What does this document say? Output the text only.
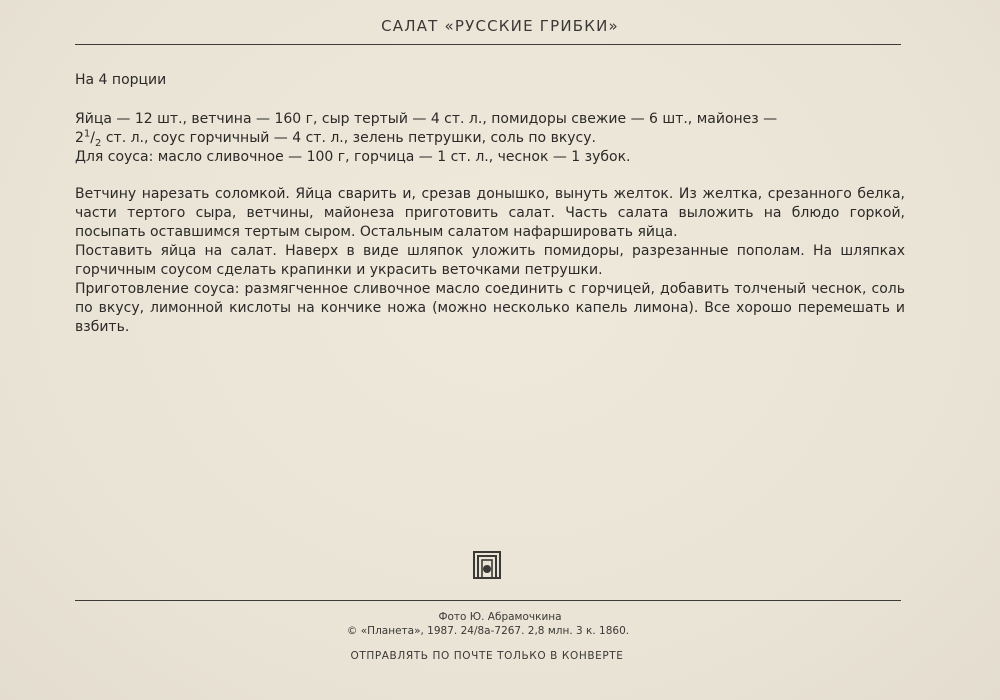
САЛАТ «РУССКИЕ ГРИБКИ»
На 4 порции

Яйца — 12 шт., ветчина — 160 г, сыр тертый — 4 ст. л., помидоры свежие — 6 шт., майонез —

$2^1/_2$ ст. л., соус горчичный — 4 ст. л., зелень петрушки, соль по вкусу.

Для соуса: масло сливочное — 100 г, горчица — 1 ст. л., чеснок — 1 зубок.

Ветчину нарезать соломкой. Яйца сварить и, срезав донышко, вынуть желток. Из желтка, срезанного белка, части тертого сыра, ветчины, майонеза приготовить салат. Часть салата выложить на блюдо горкой, посыпать оставшимся тертым сыром. Остальным салатом нафаршировать яйца.

Поставить яйца на салат. Наверх в виде шляпок уложить помидоры, разрезанные пополам. На шляпках горчичным соусом сделать крапинки и украсить веточками петрушки.

Приготовление соуса: размягченное сливочное масло соединить с горчицей, добавить толченый чеснок, соль по вкусу, лимонной кислоты на кончике ножа (можно несколько капель лимона). Все хорошо перемешать и взбить.

Фото Ю. Абрамочкина
© «Планета», 1987. 24/8а-7267. 2,8 млн. 3 к. 1860.
ОТПРАВЛЯТЬ ПО ПОЧТЕ ТОЛЬКО В КОНВЕРТЕ
